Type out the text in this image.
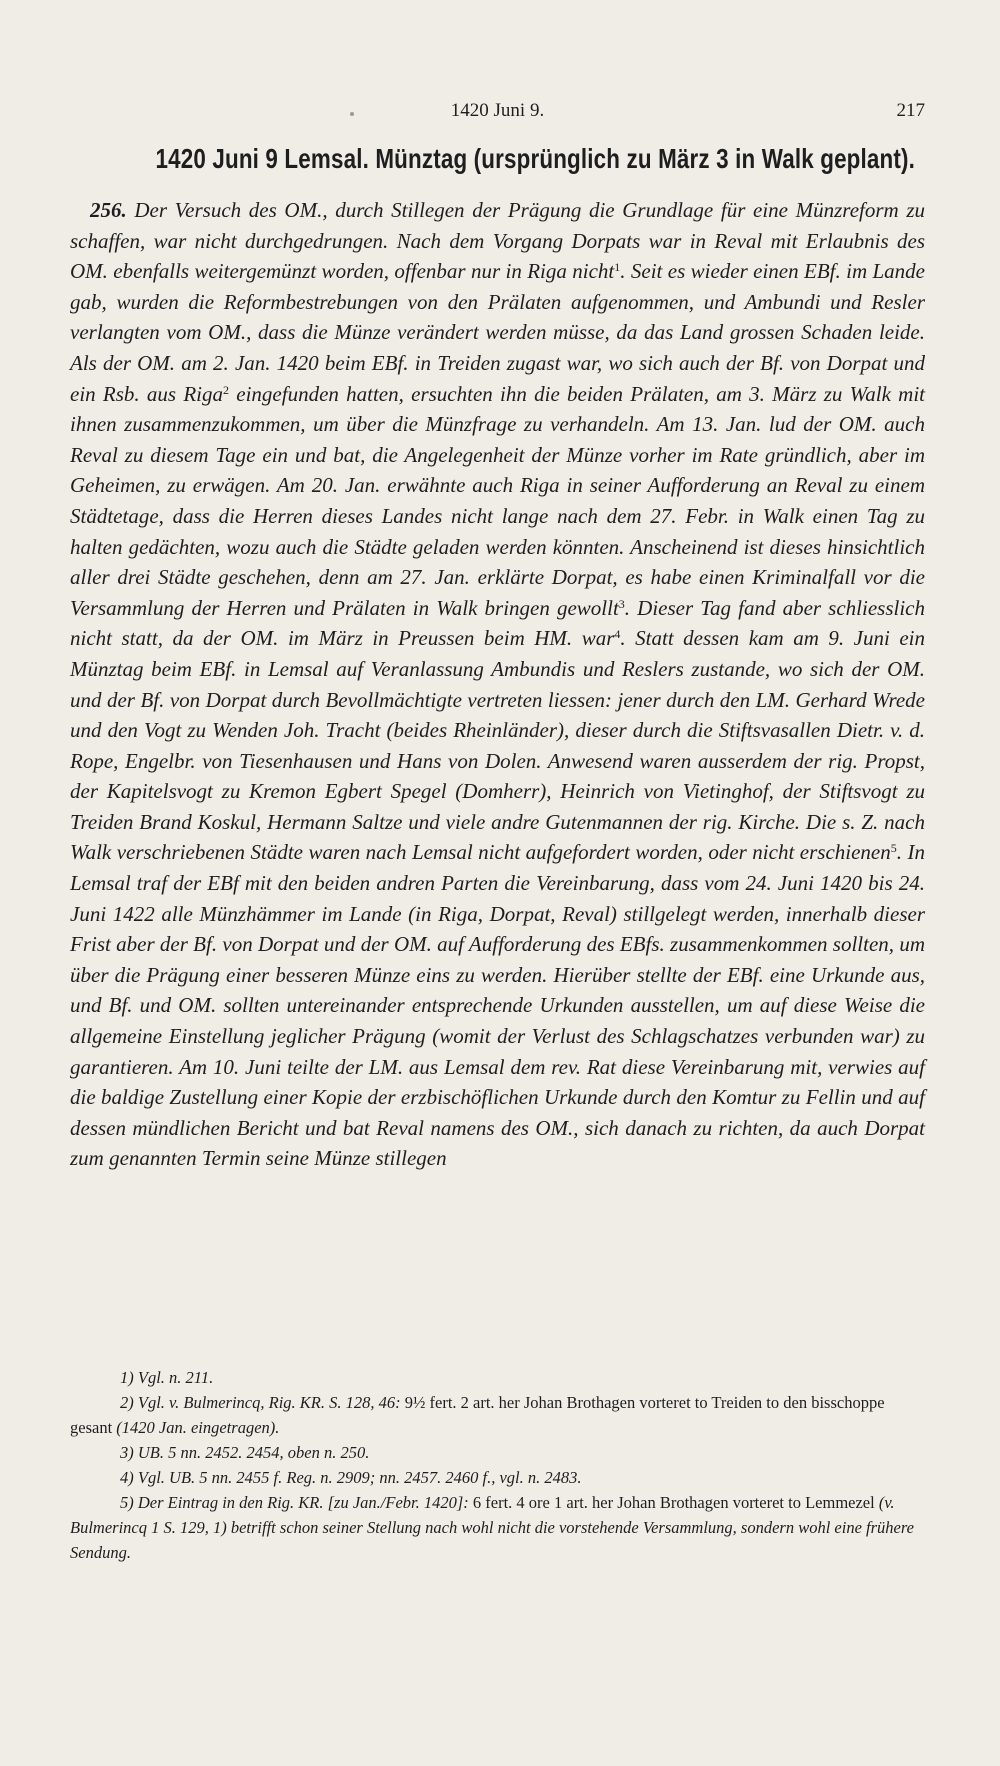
1420 Juni 9.	217
1420 Juni 9 Lemsal. Münztag (ursprünglich zu März 3 in Walk geplant).

256. Der Versuch des OM., durch Stillegen der Prägung die Grundlage für eine Münzreform zu schaffen, war nicht durchgedrungen. Nach dem Vorgang Dorpats war in Reval mit Erlaubnis des OM. ebenfalls weitergemünzt worden, offenbar nur in Riga nicht$^1$. Seit es wieder einen EBf. im Lande gab, wurden die Reformbestrebungen von den Prälaten aufgenommen, und Ambundi und Resler verlangten vom OM., dass die Münze verändert werden müsse, da das Land grossen Schaden leide. Als der OM. am 2. Jan. 1420 beim EBf. in Treiden zugast war, wo sich auch der Bf. von Dorpat und ein Rsb. aus Riga$^2$ eingefunden hatten, ersuchten ihn die beiden Prälaten, am 3. März zu Walk mit ihnen zusammenzukommen, um über die Münzfrage zu verhandeln. Am 13. Jan. lud der OM. auch Reval zu diesem Tage ein und bat, die Angelegenheit der Münze vorher im Rate gründlich, aber im Geheimen, zu erwägen. Am 20. Jan. erwähnte auch Riga in seiner Aufforderung an Reval zu einem Städtetage, dass die Herren dieses Landes nicht lange nach dem 27. Febr. in Walk einen Tag zu halten gedächten, wozu auch die Städte geladen werden könnten. Anscheinend ist dieses hinsichtlich aller drei Städte geschehen, denn am 27. Jan. erklärte Dorpat, es habe einen Kriminalfall vor die Versammlung der Herren und Prälaten in Walk bringen gewollt$^3$. Dieser Tag fand aber schliesslich nicht statt, da der OM. im März in Preussen beim HM. war$^4$. Statt dessen kam am 9. Juni ein Münztag beim EBf. in Lemsal auf Veranlassung Ambundis und Reslers zustande, wo sich der OM. und der Bf. von Dorpat durch Bevollmächtigte vertreten liessen: jener durch den LM. Gerhard Wrede und den Vogt zu Wenden Joh. Tracht (beides Rheinländer), dieser durch die Stiftsvasallen Dietr. v. d. Rope, Engelbr. von Tiesenhausen und Hans von Dolen. Anwesend waren ausserdem der rig. Propst, der Kapitelsvogt zu Kremon Egbert Spegel (Domherr), Heinrich von Vietinghof, der Stiftsvogt zu Treiden Brand Koskul, Hermann Saltze und viele andre Gutenmannen der rig. Kirche. Die s. Z. nach Walk verschriebenen Städte waren nach Lemsal nicht aufgefordert worden, oder nicht erschienen$^5$. In Lemsal traf der EBf mit den beiden andren Parten die Vereinbarung, dass vom 24. Juni 1420 bis 24. Juni 1422 alle Münzhämmer im Lande (in Riga, Dorpat, Reval) stillgelegt werden, innerhalb dieser Frist aber der Bf. von Dorpat und der OM. auf Aufforderung des EBfs. zusammenkommen sollten, um über die Prägung einer besseren Münze eins zu werden. Hierüber stellte der EBf. eine Urkunde aus, und Bf. und OM. sollten untereinander entsprechende Urkunden ausstellen, um auf diese Weise die allgemeine Einstellung jeglicher Prägung (womit der Verlust des Schlagschatzes verbunden war) zu garantieren. Am 10. Juni teilte der LM. aus Lemsal dem rev. Rat diese Vereinbarung mit, verwies auf die baldige Zustellung einer Kopie der erzbischöflichen Urkunde durch den Komtur zu Fellin und auf dessen mündlichen Bericht und bat Reval namens des OM., sich danach zu richten, da auch Dorpat zum genannten Termin seine Münze stillegen

1) Vgl. n. 211.

2) Vgl. v. Bulmerincq, Rig. KR. S. 128, 46: 9½ fert. 2 art. her Johan Brothagen vorteret to Treiden to den bisschoppe gesant (1420 Jan. eingetragen).

3) UB. 5 nn. 2452. 2454, oben n. 250.

4) Vgl. UB. 5 nn. 2455 f. Reg. n. 2909; nn. 2457. 2460 f., vgl. n. 2483.

5) Der Eintrag in den Rig. KR. [zu Jan./Febr. 1420]: 6 fert. 4 ore 1 art. her Johan Brothagen vorteret to Lemmezel (v. Bulmerincq 1 S. 129, 1) betrifft schon seiner Stellung nach wohl nicht die vorstehende Versammlung, sondern wohl eine frühere Sendung.
